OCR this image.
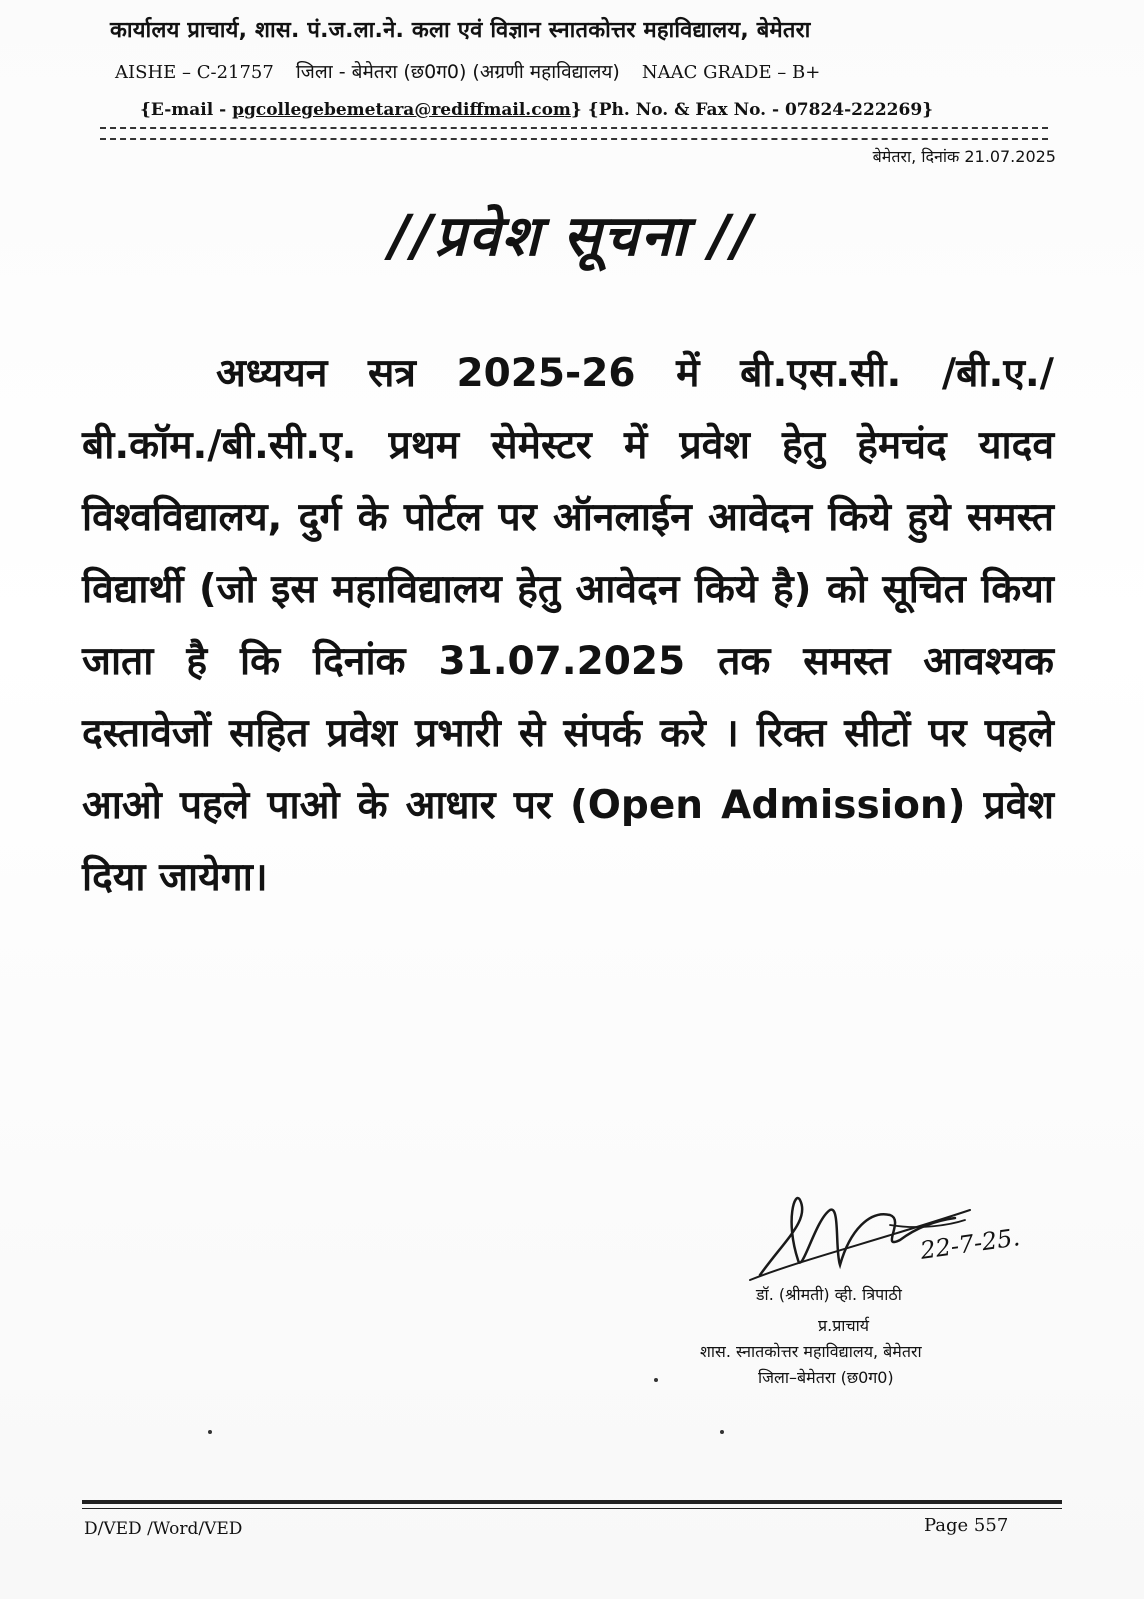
कार्यालय प्राचार्य, शास. पं.ज.ला.ने. कला एवं विज्ञान स्नातकोत्तर महाविद्यालय, बेमेतरा
AISHE – C-21757 जिला - बेमेतरा (छ0ग0) (अग्रणी महाविद्यालय) NAAC GRADE – B+
{E-mail - pgcollegebemetara@rediffmail.com} {Ph. No. & Fax No. - 07824-222269}
बेमेतरा, दिनांक 21.07.2025
//प्रवेश सूचना //
अध्ययन सत्र 2025-26 में बी.एस.सी. /बी.ए./बी.कॉम./बी.सी.ए. प्रथम सेमेस्टर में प्रवेश हेतु हेमचंद यादव विश्वविद्यालय, दुर्ग के पोर्टल पर ऑनलाईन आवेदन किये हुये समस्त विद्यार्थी (जो इस महाविद्यालय हेतु आवेदन किये है) को सूचित किया जाता है कि दिनांक 31.07.2025 तक समस्त आवश्यक दस्तावेजों सहित प्रवेश प्रभारी से संपर्क करे । रिक्त सीटों पर पहले आओ पहले पाओ के आधार पर (Open Admission) प्रवेश दिया जायेगा।
22-7-25.
डॉ. (श्रीमती) व्ही. त्रिपाठी
प्र.प्राचार्य
शास. स्नातकोत्तर महाविद्यालय, बेमेतरा
जिला–बेमेतरा (छ0ग0)
D/VED /Word/VED	Page 557
